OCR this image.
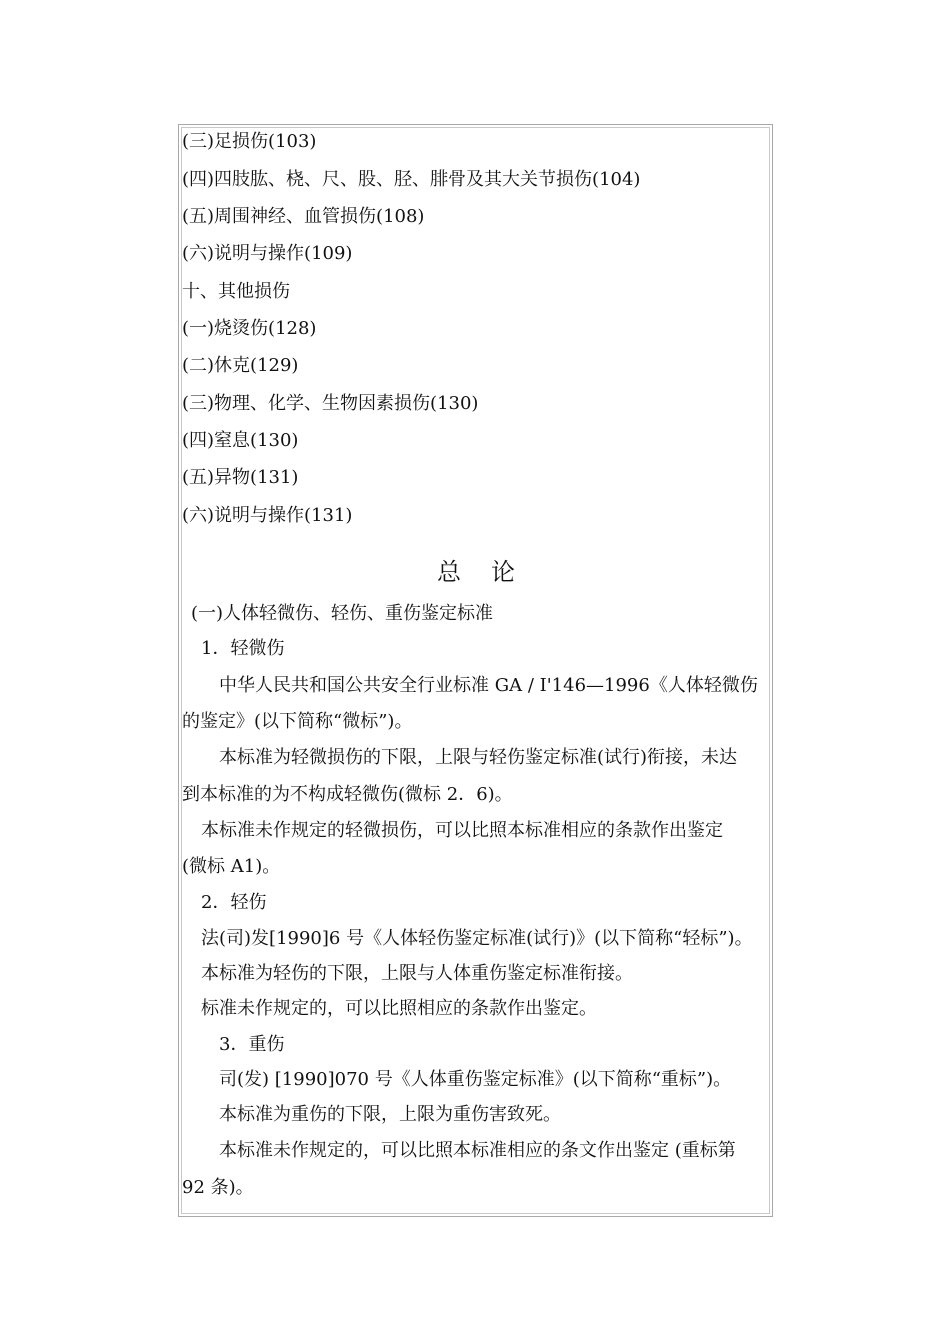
(三)足损伤(103)
(四)四肢肱、桡、尺、股、胫、腓骨及其大关节损伤(104)
(五)周围神经、血管损伤(108)
(六)说明与操作(109)
十、其他损伤
(一)烧烫伤(128)
(二)休克(129)
(三)物理、化学、生物因素损伤(130)
(四)窒息(130)
(五)异物(131)
(六)说明与操作(131)
总论
(一)人体轻微伤、轻伤、重伤鉴定标准
1．轻微伤
中华人民共和国公共安全行业标准 GA / I'146—1996《人体轻微伤
的鉴定》(以下简称“微标”)。
本标准为轻微损伤的下限，上限与轻伤鉴定标准(试行)衔接，未达
到本标准的为不构成轻微伤(微标 2．6)。
本标准未作规定的轻微损伤，可以比照本标准相应的条款作出鉴定
(微标 A1)。
2．轻伤
法(司)发[1990]6 号《人体轻伤鉴定标准(试行)》(以下简称“轻标”)。
本标准为轻伤的下限，上限与人体重伤鉴定标准衔接。
标准未作规定的，可以比照相应的条款作出鉴定。
3．重伤
司(发) [1990]070 号《人体重伤鉴定标准》(以下简称“重标”)。
本标准为重伤的下限，上限为重伤害致死。
本标准未作规定的，可以比照本标准相应的条文作出鉴定 (重标第
92 条)。
